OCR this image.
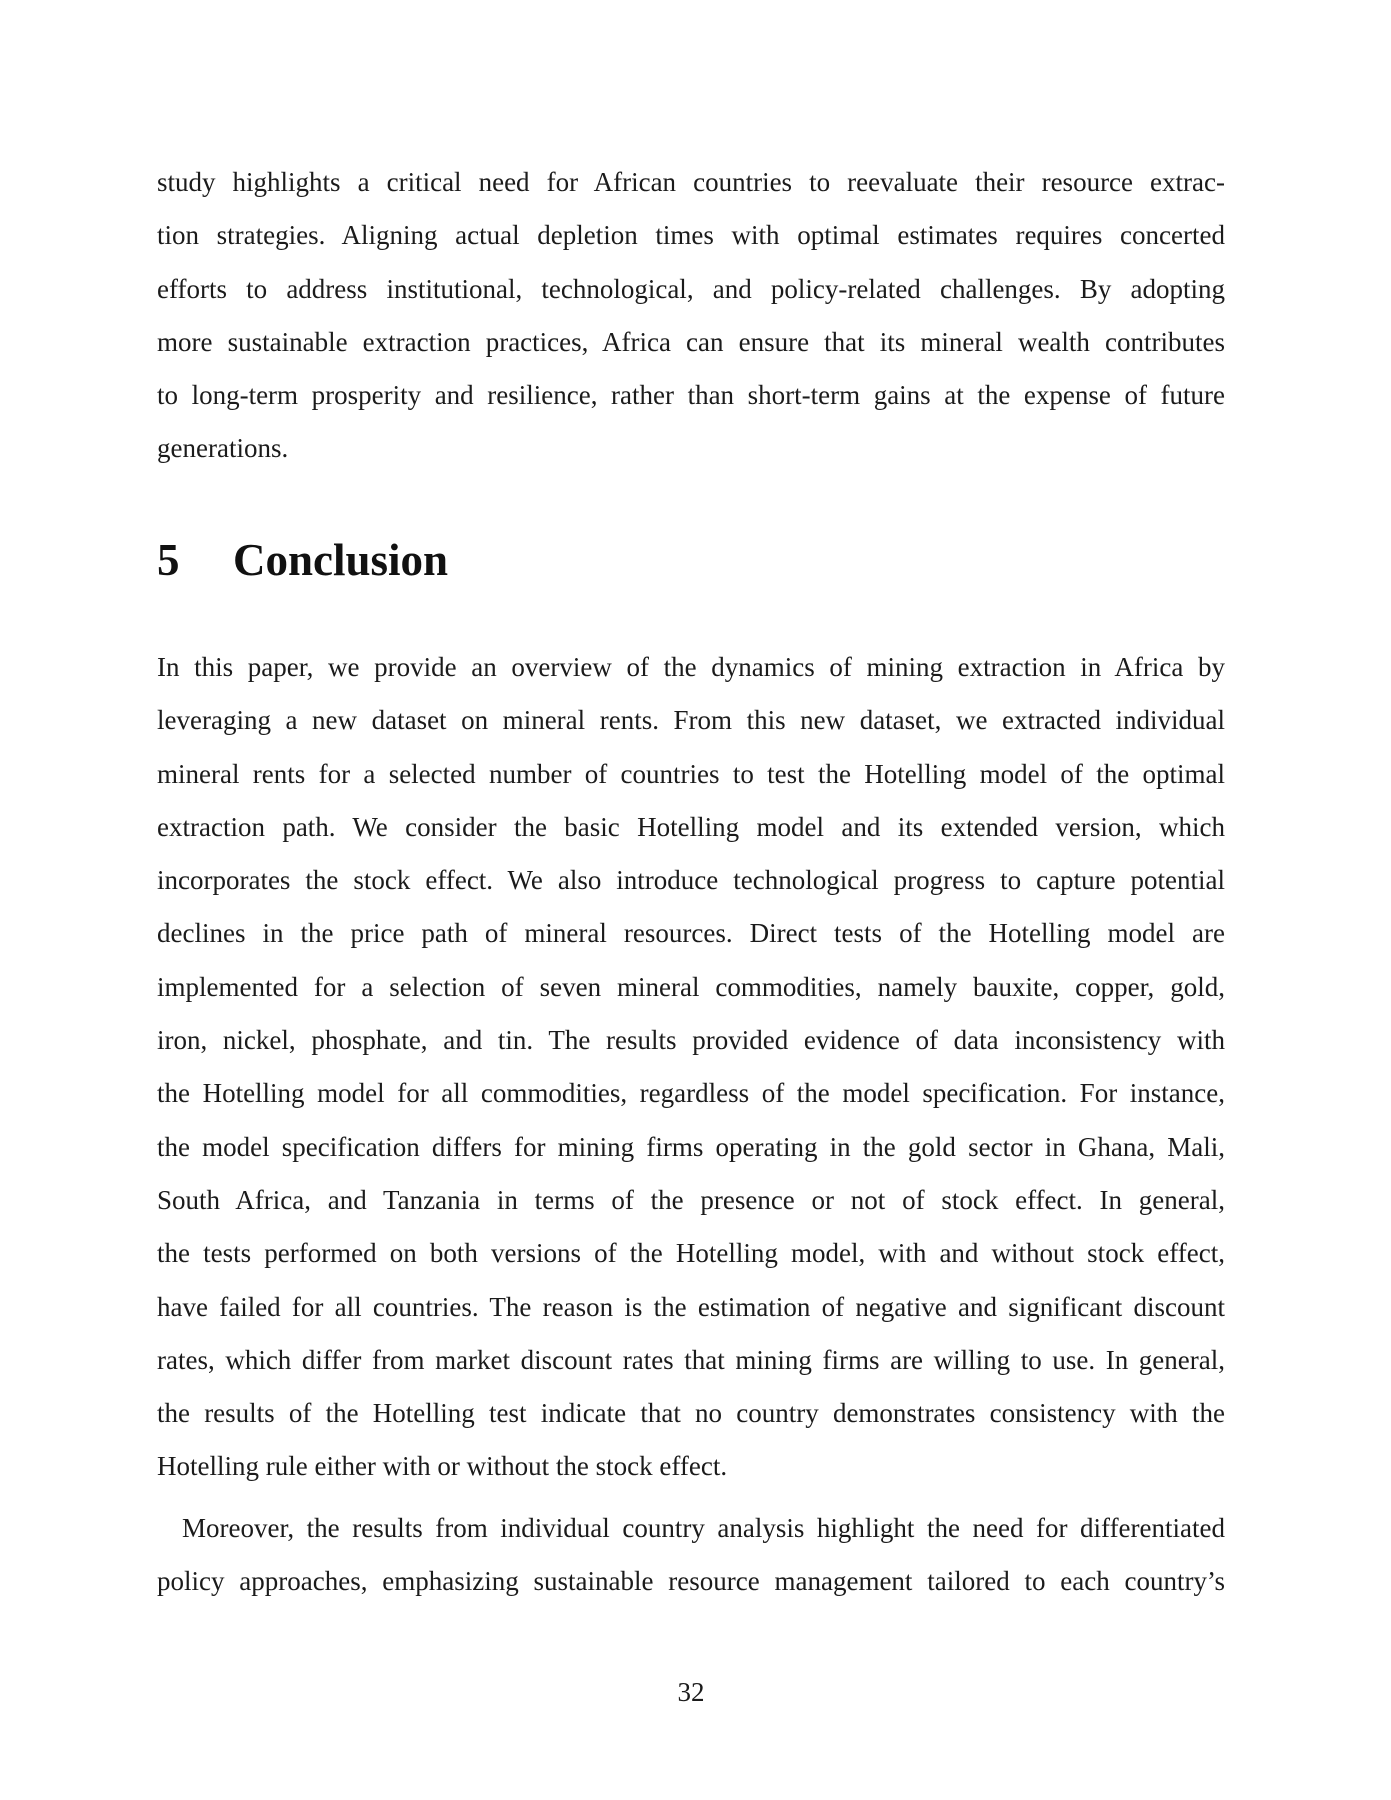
study highlights a critical need for African countries to reevaluate their resource extrac-
tion strategies. Aligning actual depletion times with optimal estimates requires concerted
efforts to address institutional, technological, and policy-related challenges. By adopting
more sustainable extraction practices, Africa can ensure that its mineral wealth contributes
to long-term prosperity and resilience, rather than short-term gains at the expense of future
generations.
5 Conclusion
In this paper, we provide an overview of the dynamics of mining extraction in Africa by
leveraging a new dataset on mineral rents. From this new dataset, we extracted individual
mineral rents for a selected number of countries to test the Hotelling model of the optimal
extraction path. We consider the basic Hotelling model and its extended version, which
incorporates the stock effect. We also introduce technological progress to capture potential
declines in the price path of mineral resources. Direct tests of the Hotelling model are
implemented for a selection of seven mineral commodities, namely bauxite, copper, gold,
iron, nickel, phosphate, and tin. The results provided evidence of data inconsistency with
the Hotelling model for all commodities, regardless of the model specification. For instance,
the model specification differs for mining firms operating in the gold sector in Ghana, Mali,
South Africa, and Tanzania in terms of the presence or not of stock effect. In general,
the tests performed on both versions of the Hotelling model, with and without stock effect,
have failed for all countries. The reason is the estimation of negative and significant discount
rates, which differ from market discount rates that mining firms are willing to use. In general,
the results of the Hotelling test indicate that no country demonstrates consistency with the
Hotelling rule either with or without the stock effect.
Moreover, the results from individual country analysis highlight the need for differentiated
policy approaches, emphasizing sustainable resource management tailored to each country’s
32
